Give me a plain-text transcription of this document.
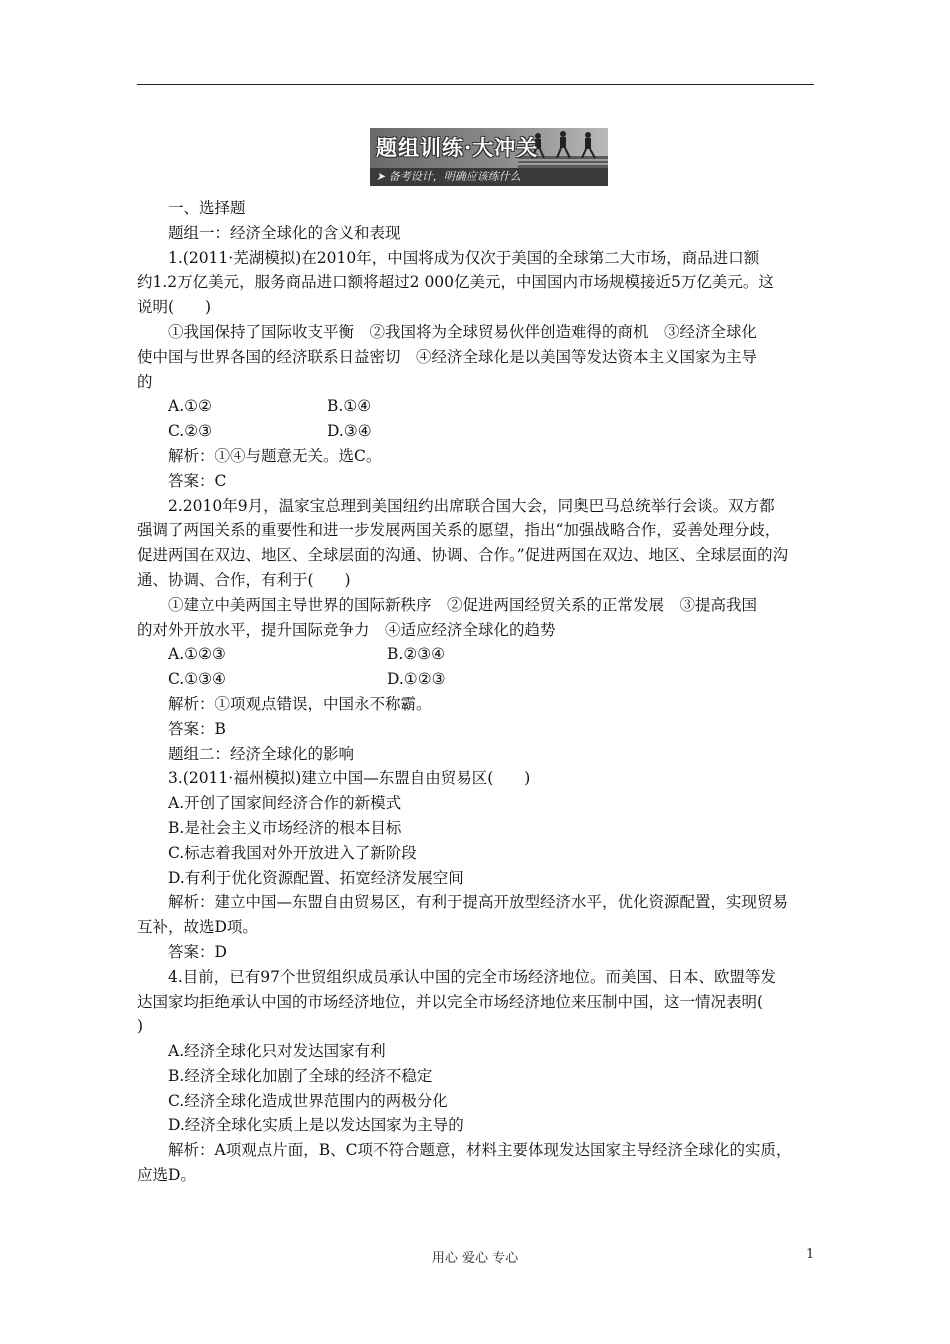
题组训练·大冲关
➤ 备考设计，明确应该练什么
一、选择题
题组一：经济全球化的含义和表现
1.(2011·芜湖模拟)在2010年，中国将成为仅次于美国的全球第二大市场，商品进口额
约1.2万亿美元，服务商品进口额将超过2 000亿美元，中国国内市场规模接近5万亿美元。这
说明(　　)
①我国保持了国际收支平衡　②我国将为全球贸易伙伴创造难得的商机　③经济全球化
使中国与世界各国的经济联系日益密切　④经济全球化是以美国等发达资本主义国家为主导
的
A.①②	B.①④
C.②③	D.③④
解析：①④与题意无关。选C。
答案：C
2.2010年9月，温家宝总理到美国纽约出席联合国大会，同奥巴马总统举行会谈。双方都
强调了两国关系的重要性和进一步发展两国关系的愿望，指出“加强战略合作，妥善处理分歧，
促进两国在双边、地区、全球层面的沟通、协调、合作。”促进两国在双边、地区、全球层面的沟
通、协调、合作，有利于(　　)
①建立中美两国主导世界的国际新秩序　②促进两国经贸关系的正常发展　③提高我国
的对外开放水平，提升国际竞争力　④适应经济全球化的趋势
A.①②③	B.②③④
C.①③④	D.①②③
解析：①项观点错误，中国永不称霸。
答案：B
题组二：经济全球化的影响
3.(2011·福州模拟)建立中国—东盟自由贸易区(　　)
A.开创了国家间经济合作的新模式
B.是社会主义市场经济的根本目标
C.标志着我国对外开放进入了新阶段
D.有利于优化资源配置、拓宽经济发展空间
解析：建立中国—东盟自由贸易区，有利于提高开放型经济水平，优化资源配置，实现贸易
互补，故选D项。
答案：D
4.目前，已有97个世贸组织成员承认中国的完全市场经济地位。而美国、日本、欧盟等发
达国家均拒绝承认中国的市场经济地位，并以完全市场经济地位来压制中国，这一情况表明(
)
A.经济全球化只对发达国家有利
B.经济全球化加剧了全球的经济不稳定
C.经济全球化造成世界范围内的两极分化
D.经济全球化实质上是以发达国家为主导的
解析：A项观点片面，B、C项不符合题意，材料主要体现发达国家主导经济全球化的实质，
应选D。
用心 爱心 专心	1
